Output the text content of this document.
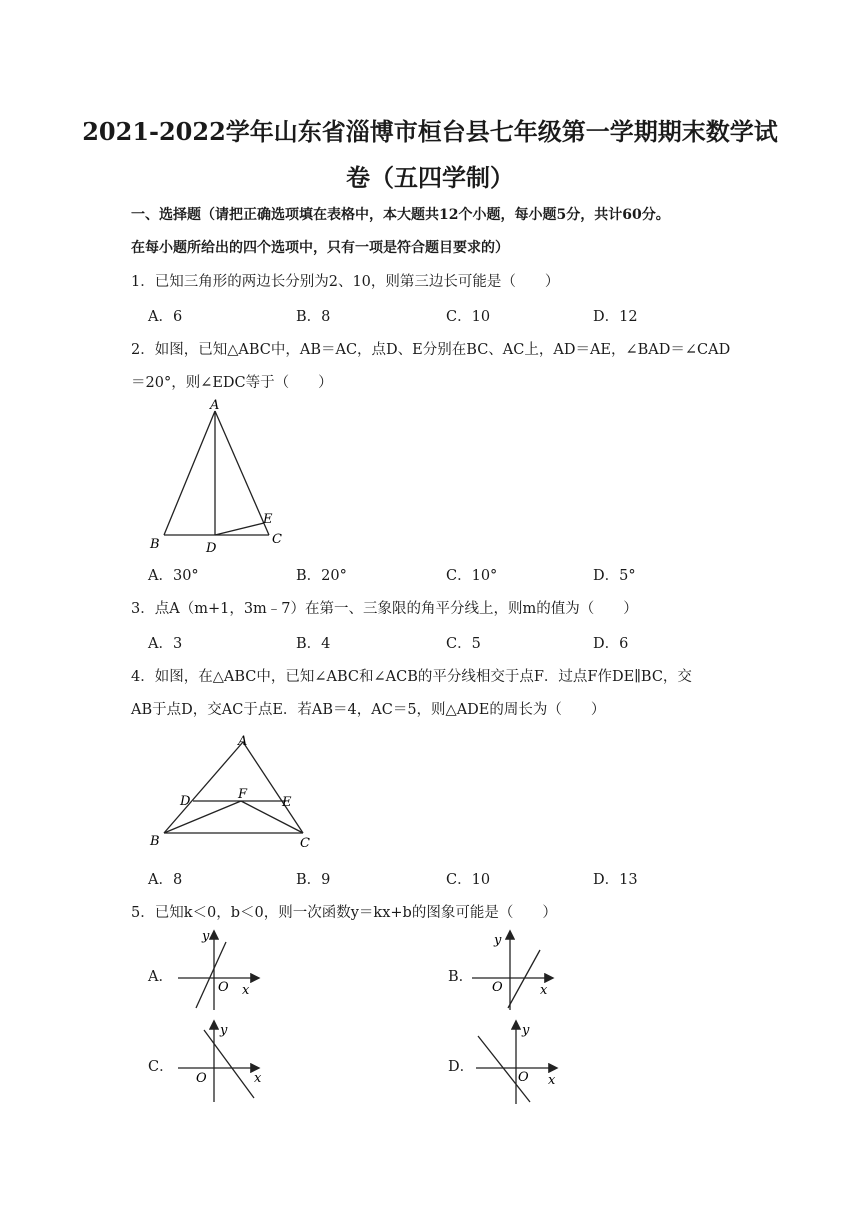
2021-2022学年山东省淄博市桓台县七年级第一学期期末数学试
卷（五四学制）
一、选择题（请把正确选项填在表格中，本大题共12个小题，每小题5分，共计60分。
在每小题所给出的四个选项中，只有一项是符合题目要求的）
1．已知三角形的两边长分别为2、10，则第三边长可能是（　　）
A．6	B．8	C．10	D．12
2．如图，已知△ABC中，AB＝AC，点D、E分别在BC、AC上，AD＝AE，∠BAD＝∠CAD
＝20°，则∠EDC等于（　　）
A
B	D
E
C
A．30°	B．20°	C．10°	D．5°
3．点A（m+1，3m﹣7）在第一、三象限的角平分线上，则m的值为（　　）
A．3	B．4	C．5	D．6
4．如图，在△ABC中，已知∠ABC和∠ACB的平分线相交于点F．过点F作DE∥BC，交
AB于点D，交AC于点E．若AB＝4，AC＝5，则△ADE的周长为（　　）
A
D	F
E
B	C
A．8	B．9	C．10	D．13
5．已知k＜0，b＜0，则一次函数y＝kx+b的图象可能是（　　）
A．
y
x
O
B．
y
x
O
C．
y
x
O
D．
y
x
O
